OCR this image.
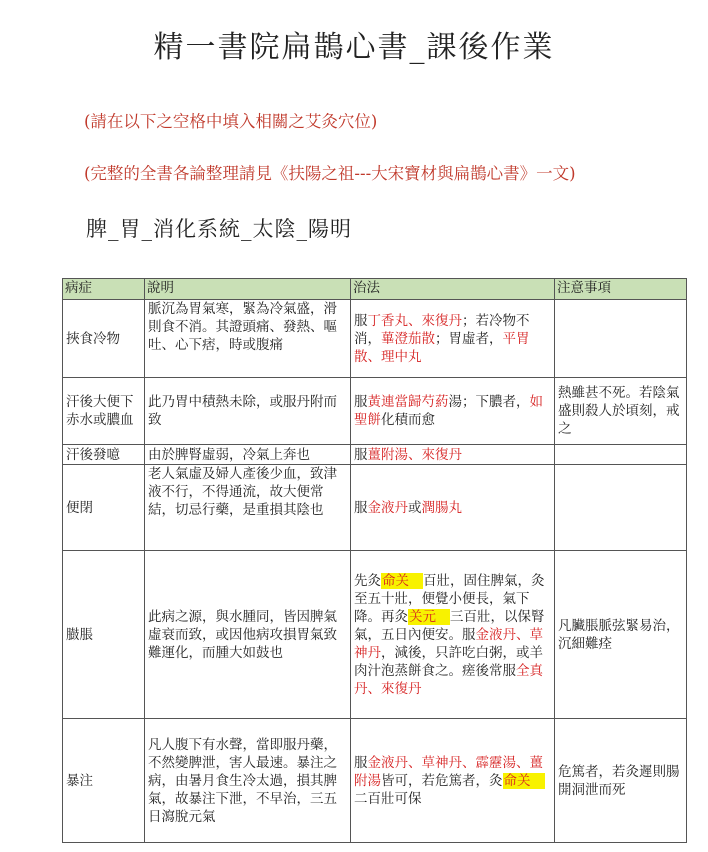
精一書院扁鵲心書_課後作業
(請在以下之空格中填入相關之艾灸穴位)
(完整的全書各論整理請見《扶陽之祖---大宋寶材與扁鵲心書》一文)
脾_胃_消化系統_太陰_陽明
病症	說明	治法	注意事項
挾食冷物	脈沉為胃氣寒，緊為冷氣盛，滑則食不消。其證頭痛、發熱、嘔吐、心下痞，時或腹痛	服丁香丸、來復丹；若冷物不消，蓽澄茄散；胃虛者，平胃散、理中丸	
汗後大便下赤水或膿血	此乃胃中積熱未除，或服丹附而致	服黃連當歸芍葯湯；下膿者，如聖餅化積而愈	熱雖甚不死。若陰氣盛則殺人於頃刻，戒之
汗後發噫	由於脾腎虛弱，冷氣上奔也	服薑附湯、來復丹	
便閉	老人氣虛及婦人產後少血，致津液不行，不得通流，故大便常結，切忌行藥，是重損其陰也	服金液丹或潤腸丸	
臌脹	此病之源，與水腫同，皆因脾氣虛衰而致，或因他病攻損胃氣致難運化，而腫大如鼓也	先灸命关 百壯，固住脾氣，灸至五十壯，便覺小便長，氣下降。再灸关元 三百壯，以保腎氣，五日內便安。服金液丹、草神丹，減後，只許吃白粥，或羊肉汁泡蒸餅食之。瘥後常服全真丹、來復丹	凡臟脹脈弦緊易治，沉細難痊
暴注	凡人腹下有水聲，當即服丹藥，不然變脾泄，害人最速。暴注之病，由暑月食生冷太過，損其脾氣，故暴注下泄，不早治，三五日瀉脫元氣	服金液丹、草神丹、霹靂湯、薑附湯皆可，若危篤者，灸命关二百壯可保	危篤者，若灸遲則腸開洞泄而死
